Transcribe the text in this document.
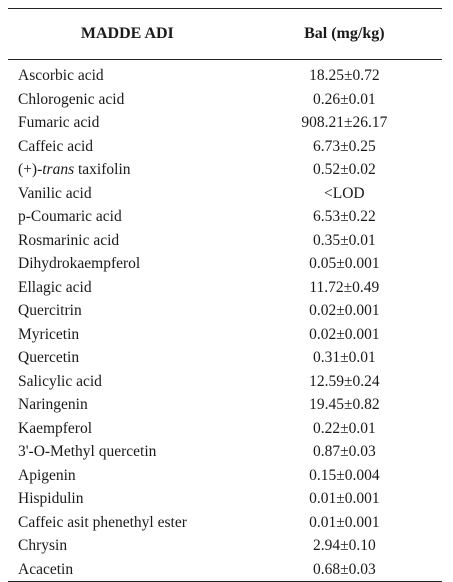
MADDE ADI	Bal (mg/kg)

Ascorbic acid	18.25±0.72
Chlorogenic acid	0.26±0.01
Fumaric acid	908.21±26.17
Caffeic acid	6.73±0.25
(+)-trans taxifolin	0.52±0.02
Vanilic acid	<LOD
p-Coumaric acid	6.53±0.22
Rosmarinic acid	0.35±0.01
Dihydrokaempferol	0.05±0.001
Ellagic acid	11.72±0.49
Quercitrin	0.02±0.001
Myricetin	0.02±0.001
Quercetin	0.31±0.01
Salicylic acid	12.59±0.24
Naringenin	19.45±0.82
Kaempferol	0.22±0.01
3'-O-Methyl quercetin	0.87±0.03
Apigenin	0.15±0.004
Hispidulin	0.01±0.001
Caffeic asit phenethyl ester	0.01±0.001
Chrysin	2.94±0.10
Acacetin	0.68±0.03
